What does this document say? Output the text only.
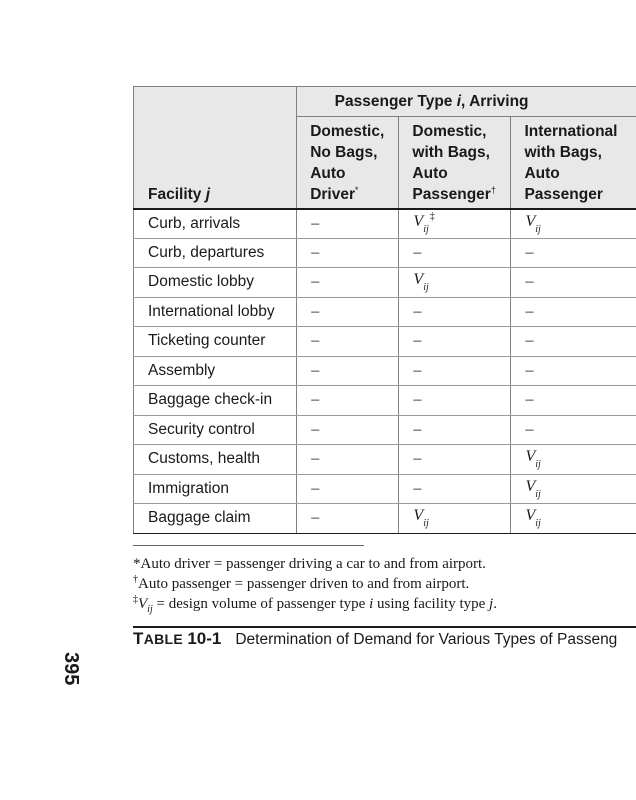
Facility j	Passenger Type i, Arriving		

	Domestic,
No Bags,
Auto
Driver*	Domestic,
with Bags,
Auto
Passenger†	International
with Bags,
Auto
Passenger

Curb, arrivals	–	$V_{ij}^\ddagger$	$V_{ij}$
Curb, departures	–	–	–
Domestic lobby	–	$V_{ij}$	–
International lobby	–	–	–
Ticketing counter	–	–	–
Assembly	–	–	–
Baggage check-in	–	–	–
Security control	–	–	–
Customs, health	–	–	$V_{ij}$
Immigration	–	–	$V_{ij}$
Baggage claim	–	$V_{ij}$	$V_{ij}$
*Auto driver = passenger driving a car to and from airport.
†Auto passenger = passenger driven to and from airport.
$^\ddagger V_{ij}$ = design volume of passenger type i using facility type j.
TABLE 10-1 Determination of Demand for Various Types of Passeng
395
